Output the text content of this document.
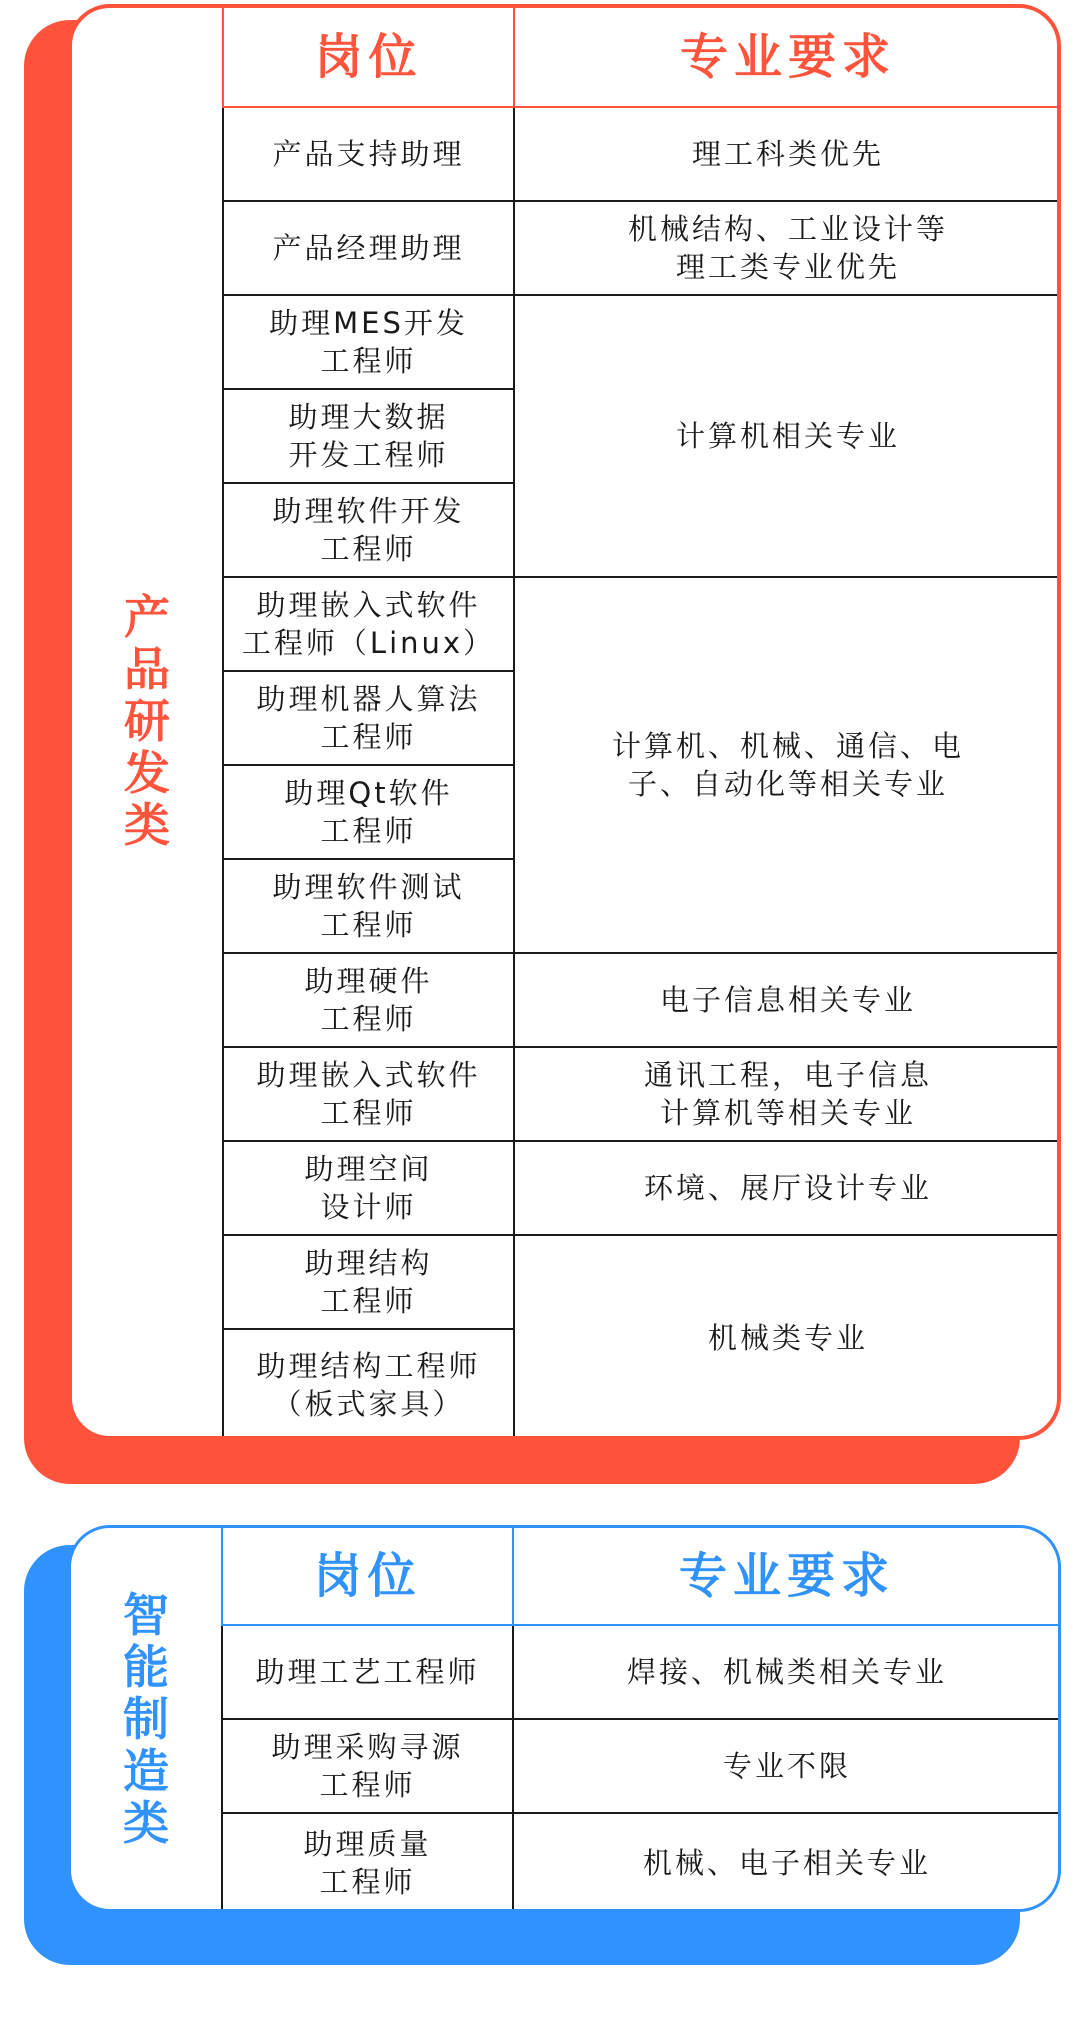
产
品
研
发
类
岗位	专业要求
产品支持助理
产品经理助理
助理MES开发
工程师
助理大数据
开发工程师
助理软件开发
工程师
助理嵌入式软件
工程师（Linux）
助理机器人算法
工程师
助理Qt软件
工程师
助理软件测试
工程师
助理硬件
工程师
助理嵌入式软件
工程师
助理空间
设计师
助理结构
工程师
助理结构工程师
（板式家具）
理工科类优先
机械结构、工业设计等
理工类专业优先
计算机相关专业
计算机、机械、通信、电
子、自动化等相关专业
电子信息相关专业
通讯工程，电子信息
计算机等相关专业
环境、展厅设计专业
机械类专业
智
能
制
造
类
岗位	专业要求
助理工艺工程师
助理采购寻源
工程师
助理质量
工程师
焊接、机械类相关专业
专业不限
机械、电子相关专业
